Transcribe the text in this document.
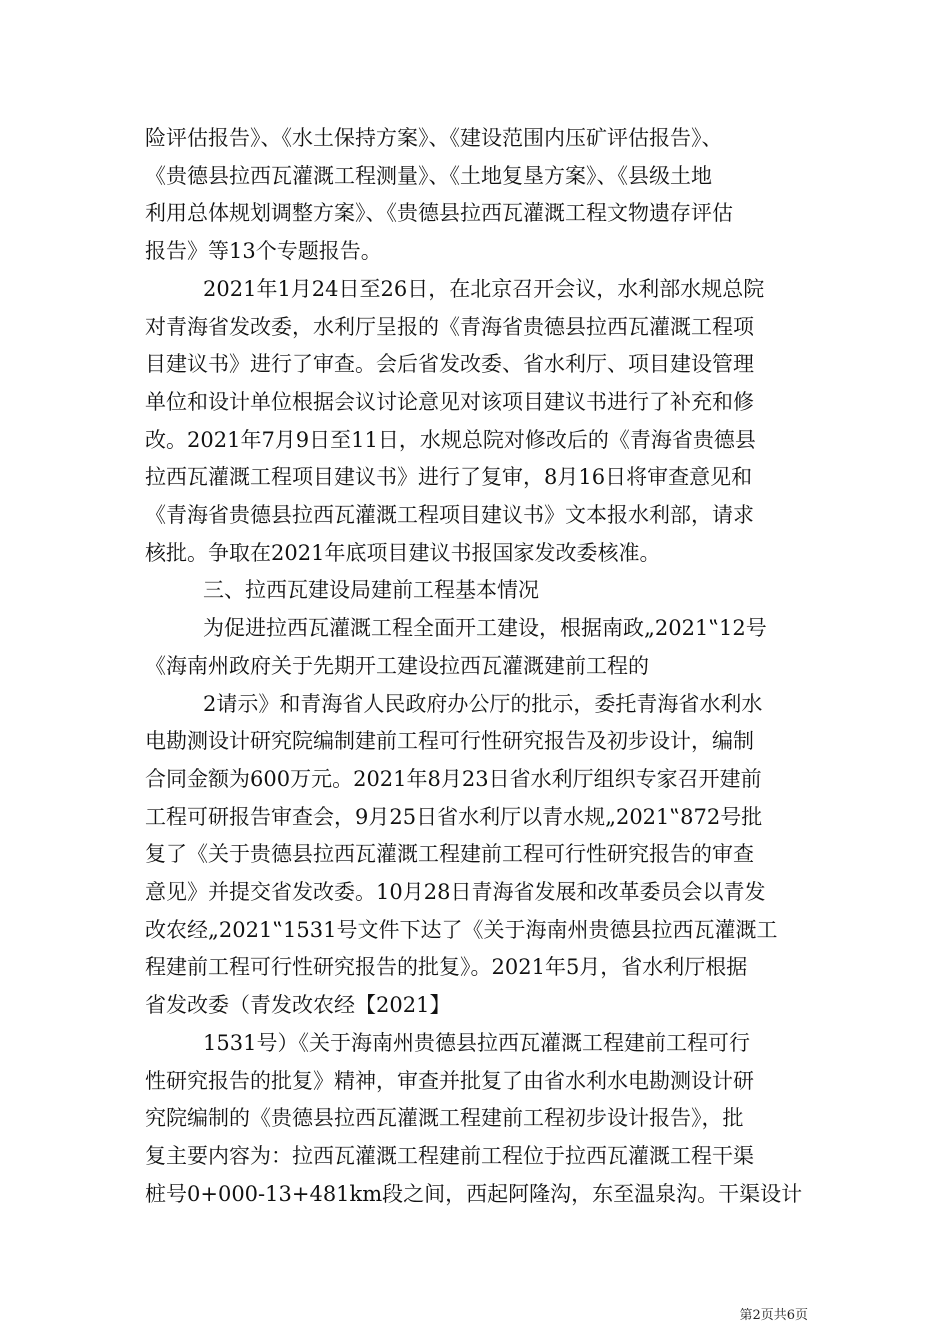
险评估报告》、《水土保持方案》、《建设范围内压矿评估报告》、
《贵德县拉西瓦灌溉工程测量》、《土地复垦方案》、《县级土地
利用总体规划调整方案》、《贵德县拉西瓦灌溉工程文物遗存评估
报告》等13个专题报告。

2021年1月24日至26日，在北京召开会议，水利部水规总院
对青海省发改委，水利厅呈报的《青海省贵德县拉西瓦灌溉工程项
目建议书》进行了审查。会后省发改委、省水利厅、项目建设管理
单位和设计单位根据会议讨论意见对该项目建议书进行了补充和修
改。2021年7月9日至11日，水规总院对修改后的《青海省贵德县
拉西瓦灌溉工程项目建议书》进行了复审，8月16日将审查意见和
《青海省贵德县拉西瓦灌溉工程项目建议书》文本报水利部，请求
核批。争取在2021年底项目建议书报国家发改委核准。

三、拉西瓦建设局建前工程基本情况

为促进拉西瓦灌溉工程全面开工建设，根据南政„2021‟12号
《海南州政府关于先期开工建设拉西瓦灌溉建前工程的

2请示》和青海省人民政府办公厅的批示，委托青海省水利水
电勘测设计研究院编制建前工程可行性研究报告及初步设计，编制
合同金额为600万元。2021年8月23日省水利厅组织专家召开建前
工程可研报告审查会，9月25日省水利厅以青水规„2021‟872号批
复了《关于贵德县拉西瓦灌溉工程建前工程可行性研究报告的审查
意见》并提交省发改委。10月28日青海省发展和改革委员会以青发
改农经„2021‟1531号文件下达了《关于海南州贵德县拉西瓦灌溉工
程建前工程可行性研究报告的批复》。2021年5月，省水利厅根据
省发改委（青发改农经【2021】

1531号）《关于海南州贵德县拉西瓦灌溉工程建前工程可行
性研究报告的批复》精神，审查并批复了由省水利水电勘测设计研
究院编制的《贵德县拉西瓦灌溉工程建前工程初步设计报告》，批
复主要内容为：拉西瓦灌溉工程建前工程位于拉西瓦灌溉工程干渠
桩号0+000-13+481km段之间，西起阿隆沟，东至温泉沟。干渠设计

第2页共6页
